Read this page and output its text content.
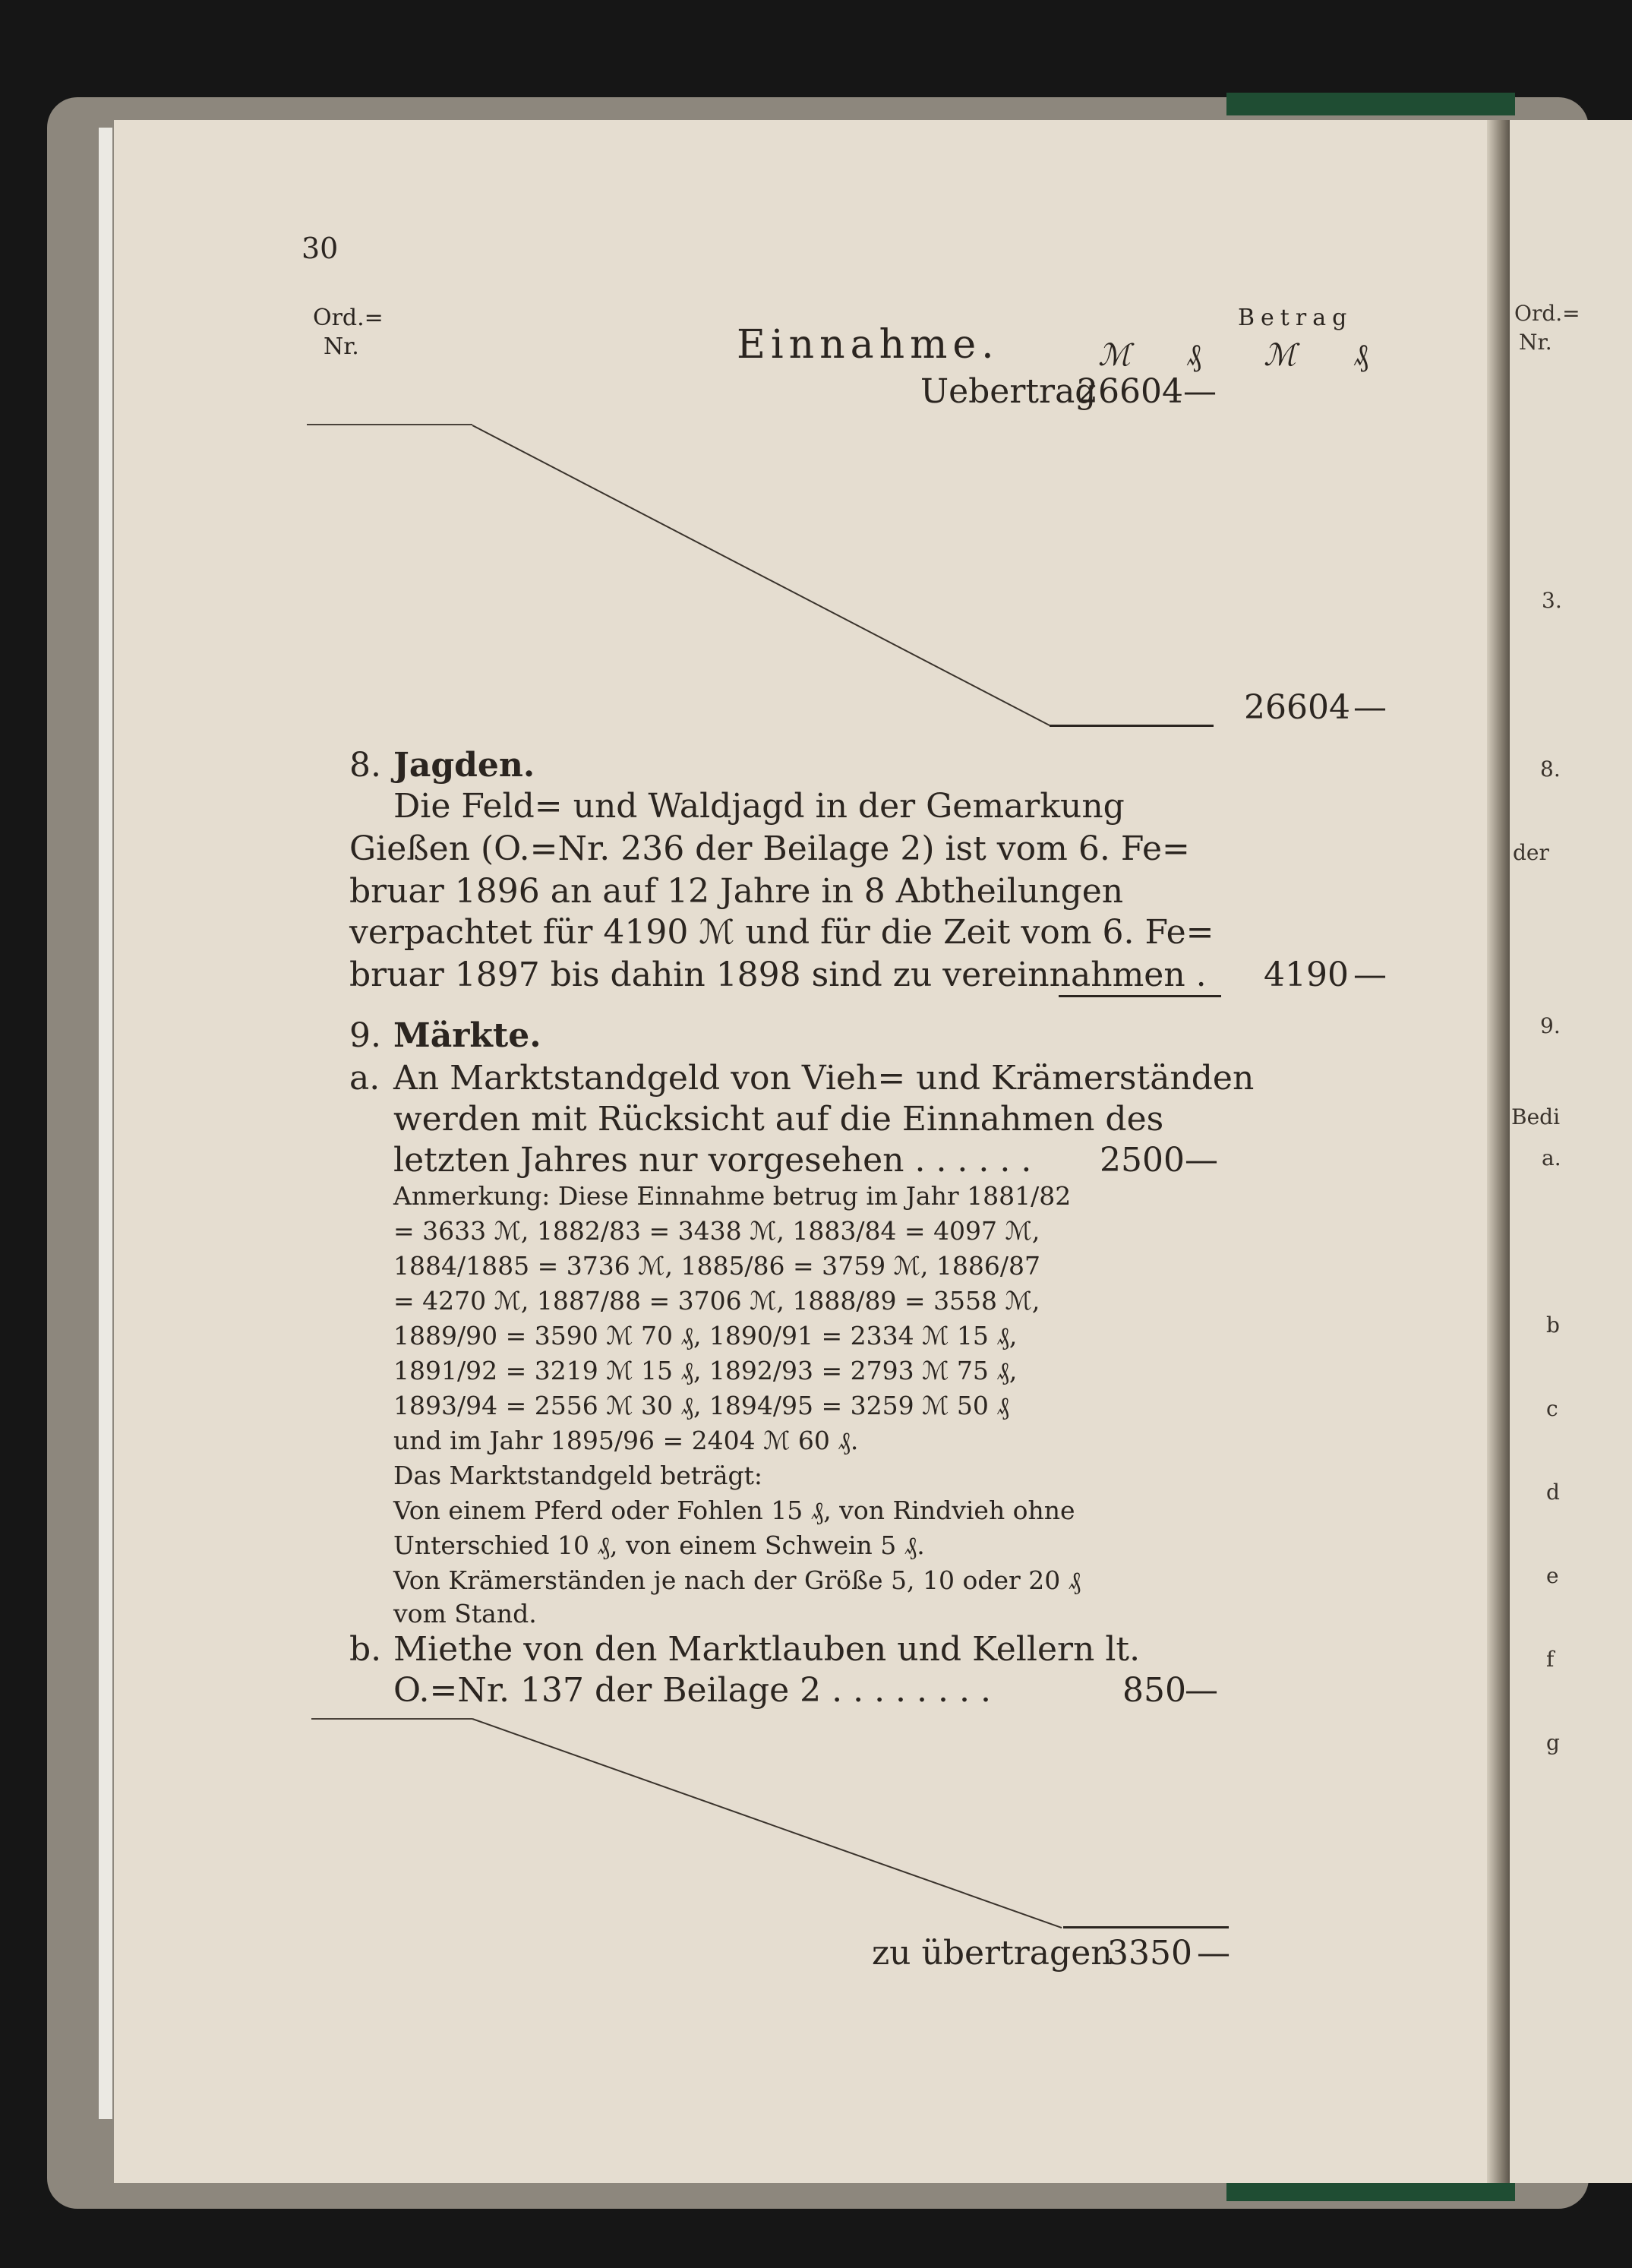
Ord.=
Nr.
3.
8.
der
9.
Bedi
a.
b
c
d
e
f
g
30
Ord.=
Nr.	Einnahme.
Betrag
ℳ ₰ ℳ ₰
Uebertrag
26604 —
26604 —
8. Jagden.
Die Feld= und Waldjagd in der Gemarkung
Gießen (O.=Nr. 236 der Beilage 2) ist vom 6. Fe=
bruar 1896 an auf 12 Jahre in 8 Abtheilungen
verpachtet für 4190 ℳ und für die Zeit vom 6. Fe=
bruar 1897 bis dahin 1898 sind zu vereinnahmen . 4190 —
9. Märkte.
a. An Marktstandgeld von Vieh= und Krämerständen
werden mit Rücksicht auf die Einnahmen des
letzten Jahres nur vorgesehen . . . . . . 2500 —
Anmerkung: Diese Einnahme betrug im Jahr 1881/82
= 3633 ℳ, 1882/83 = 3438 ℳ, 1883/84 = 4097 ℳ,
1884/1885 = 3736 ℳ, 1885/86 = 3759 ℳ, 1886/87
= 4270 ℳ, 1887/88 = 3706 ℳ, 1888/89 = 3558 ℳ,
1889/90 = 3590 ℳ 70 ₰, 1890/91 = 2334 ℳ 15 ₰,
1891/92 = 3219 ℳ 15 ₰, 1892/93 = 2793 ℳ 75 ₰,
1893/94 = 2556 ℳ 30 ₰, 1894/95 = 3259 ℳ 50 ₰
und im Jahr 1895/96 = 2404 ℳ 60 ₰.
Das Marktstandgeld beträgt:
Von einem Pferd oder Fohlen 15 ₰, von Rindvieh ohne
Unterschied 10 ₰, von einem Schwein 5 ₰.
Von Krämerständen je nach der Größe 5, 10 oder 20 ₰
vom Stand.
b. Miethe von den Marktlauben und Kellern lt.
O.=Nr. 137 der Beilage 2 . . . . . . . .	850
—
zu übertragen
3350 —
